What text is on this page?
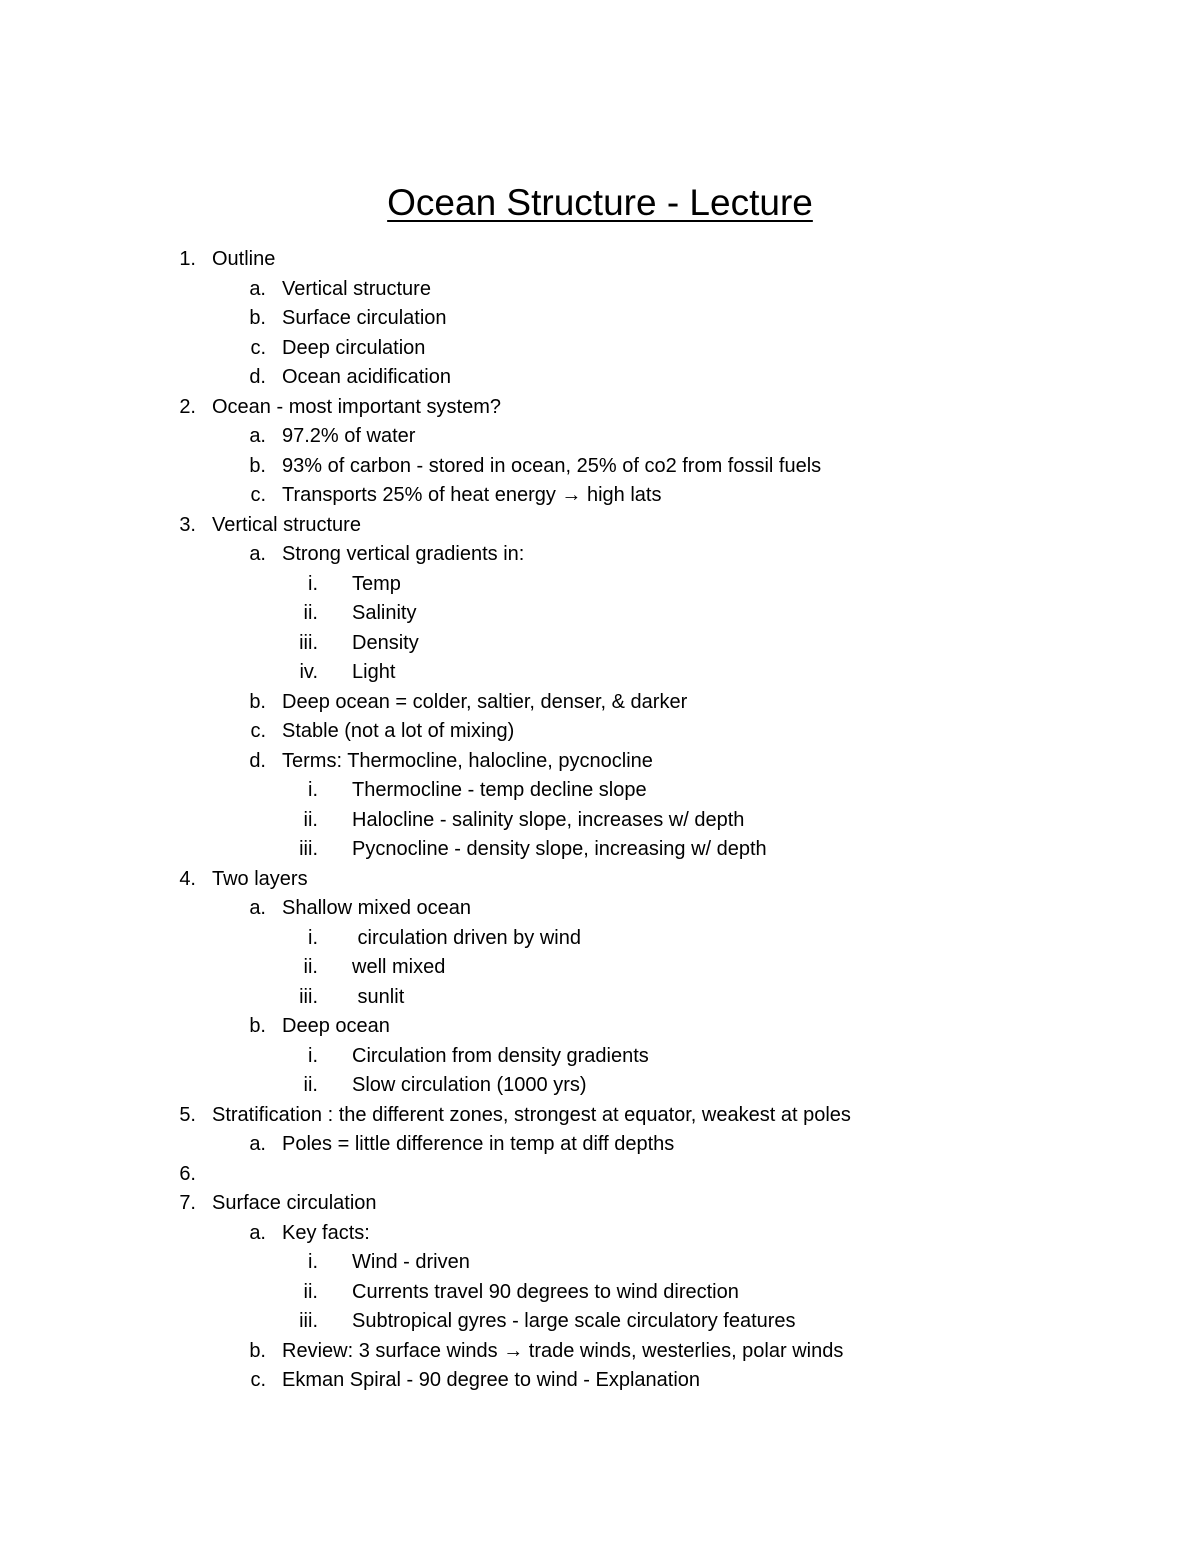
Ocean Structure - Lecture
1. Outline
a. Vertical structure
b. Surface circulation
c. Deep circulation
d. Ocean acidification
2. Ocean - most important system?
a. 97.2% of water
b. 93% of carbon - stored in ocean, 25% of co2 from fossil fuels
c. Transports 25% of heat energy → high lats
3. Vertical structure
a. Strong vertical gradients in:
i. Temp
ii. Salinity
iii. Density
iv. Light
b. Deep ocean = colder, saltier, denser, & darker
c. Stable (not a lot of mixing)
d. Terms: Thermocline, halocline, pycnocline
i. Thermocline - temp decline slope
ii. Halocline - salinity slope, increases w/ depth
iii. Pycnocline - density slope, increasing w/ depth
4. Two layers
a. Shallow mixed ocean
i. circulation driven by wind
ii. well mixed
iii. sunlit
b. Deep ocean
i. Circulation from density gradients
ii. Slow circulation (1000 yrs)
5. Stratification : the different zones, strongest at equator, weakest at poles
a. Poles = little difference in temp at diff depths
6.
7. Surface circulation
a. Key facts:
i. Wind - driven
ii. Currents travel 90 degrees to wind direction
iii. Subtropical gyres - large scale circulatory features
b. Review: 3 surface winds → trade winds, westerlies, polar winds
c. Ekman Spiral - 90 degree to wind - Explanation
